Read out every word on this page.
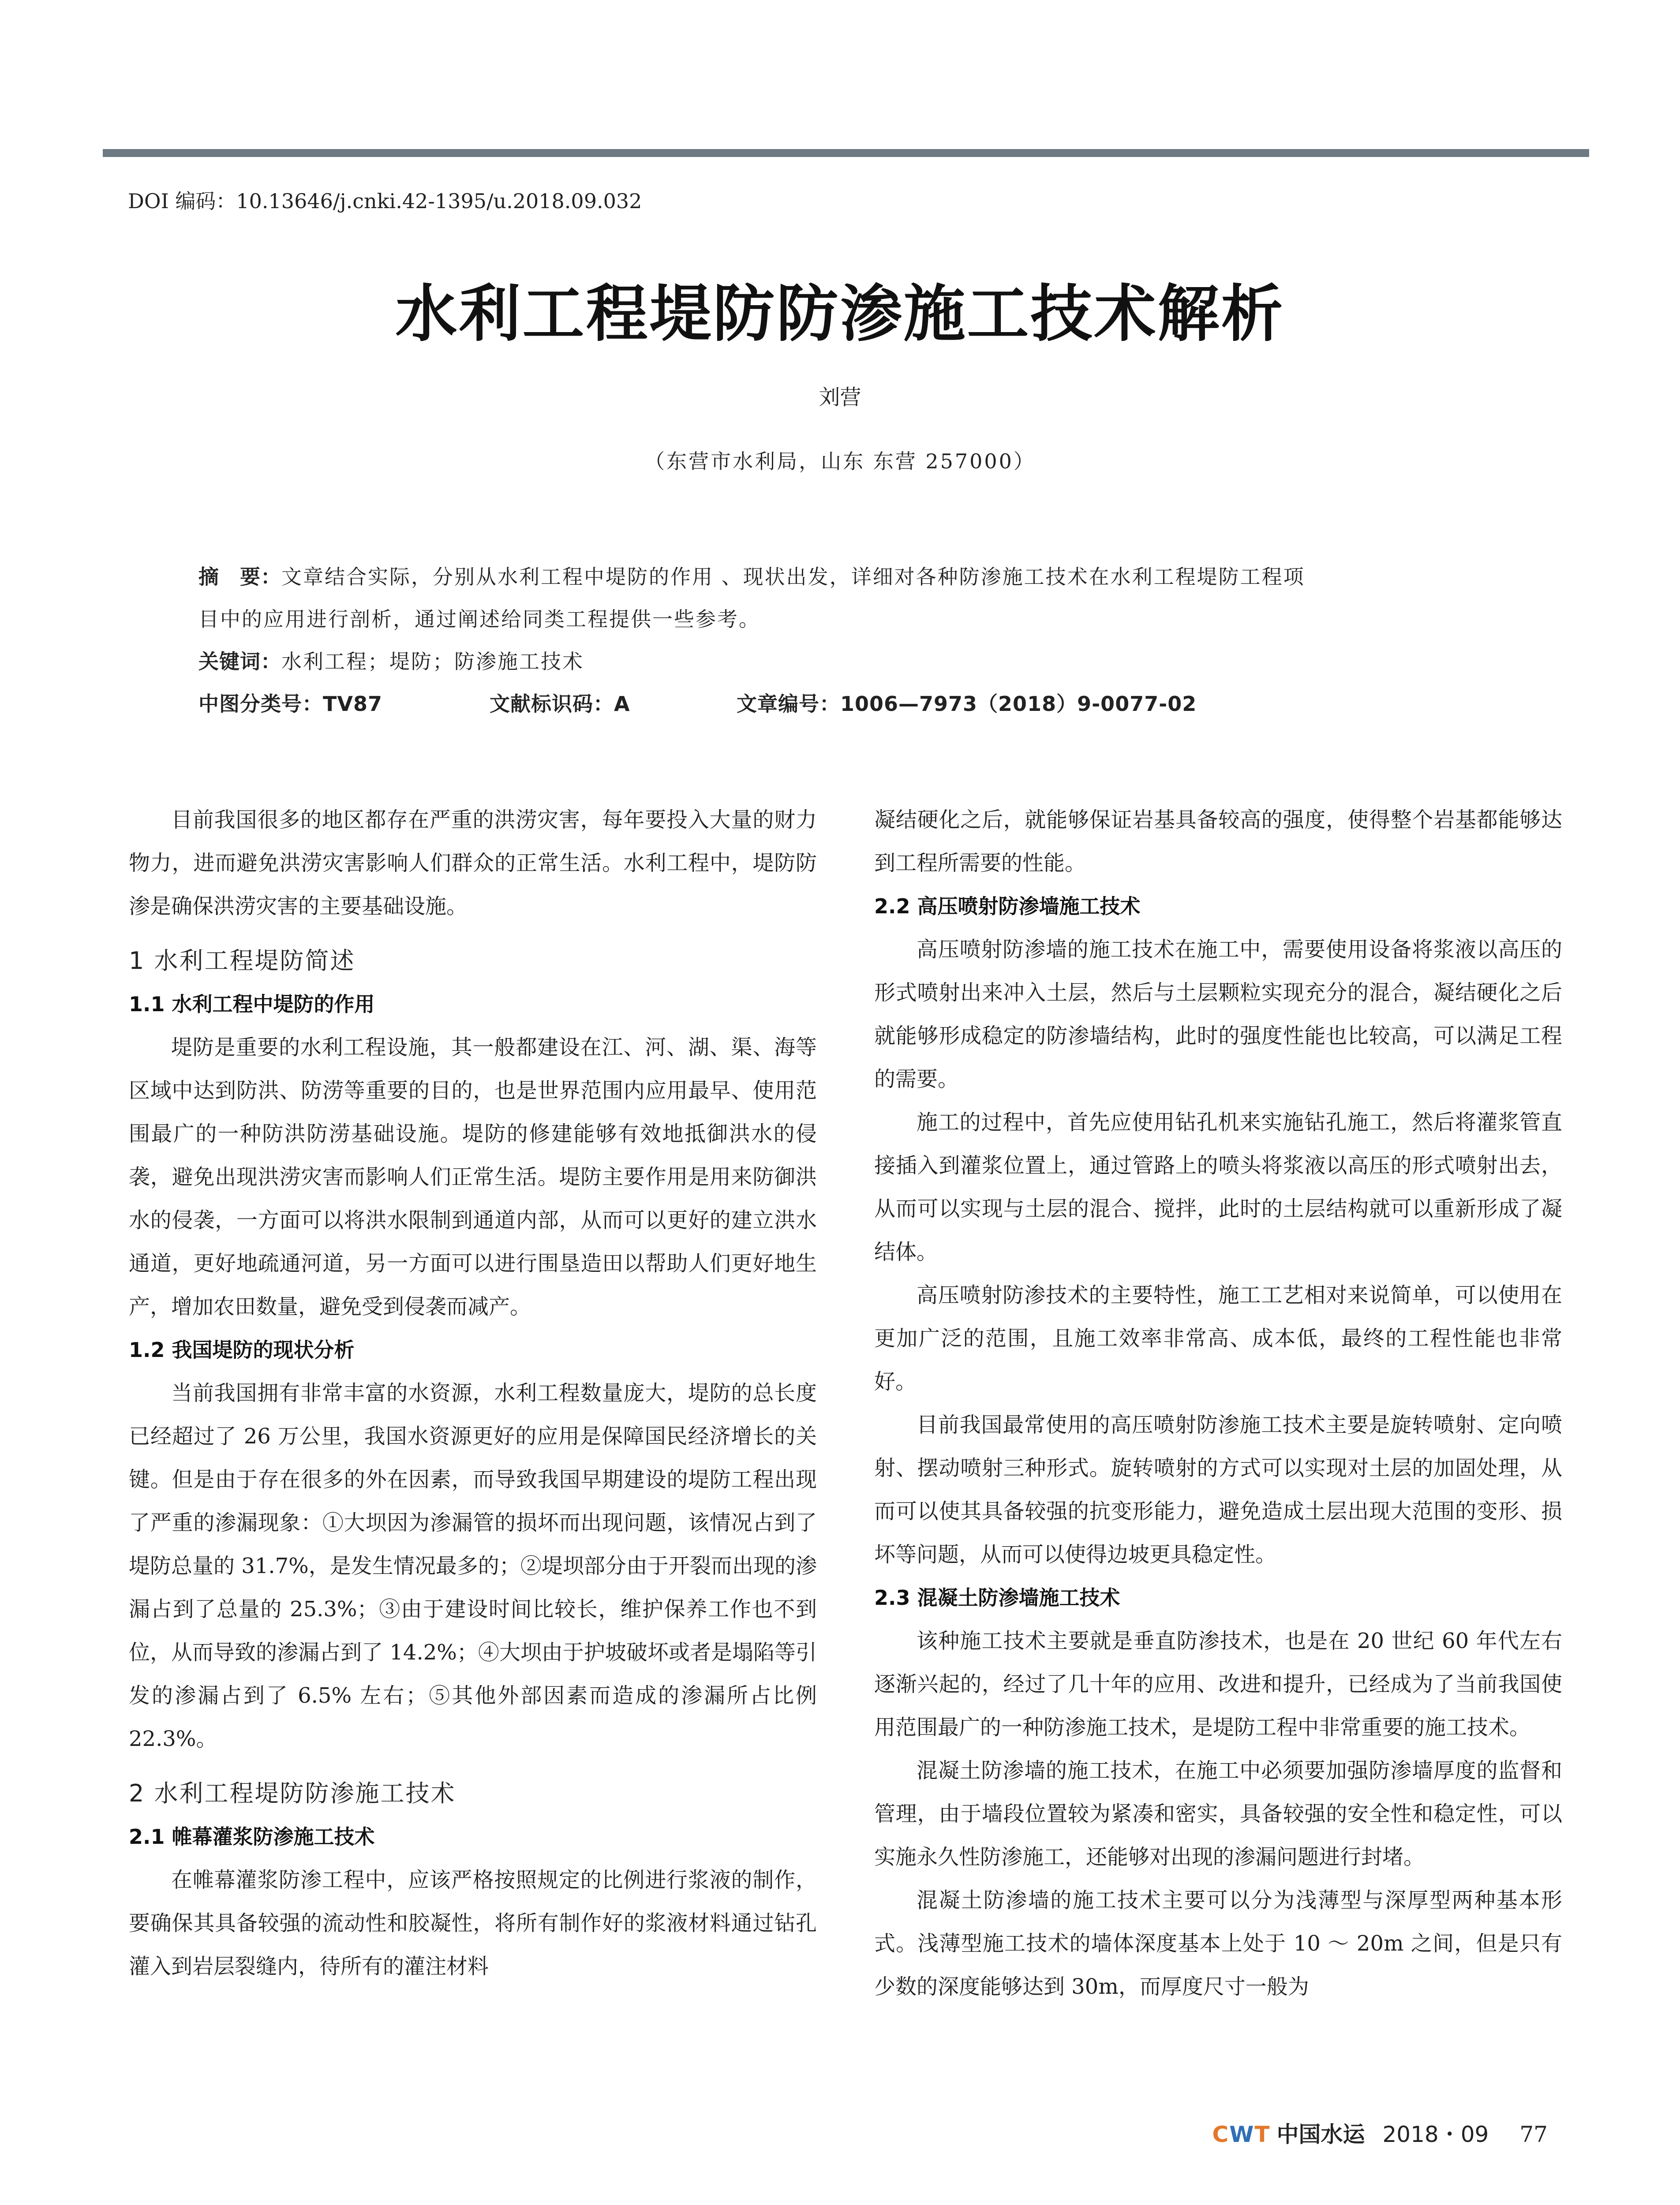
DOI 编码：10.13646/j.cnki.42-1395/u.2018.09.032
水利工程堤防防渗施工技术解析
刘营
（东营市水利局，山东 东营 257000）

摘　要：文章结合实际，分别从水利工程中堤防的作用 、现状出发，详细对各种防渗施工技术在水利工程堤防工程项

目中的应用进行剖析，通过阐述给同类工程提供一些参考。

关键词：水利工程；堤防；防渗施工技术

中图分类号：TV87	文献标识码：A	文章编号：1006—7973（2018）9-0077-02

目前我国很多的地区都存在严重的洪涝灾害，每年要投入大量的财力物力，进而避免洪涝灾害影响人们群众的正常生活。水利工程中，堤防防渗是确保洪涝灾害的主要基础设施。

1 水利工程堤防简述
1.1 水利工程中堤防的作用

堤防是重要的水利工程设施，其一般都建设在江、河、湖、渠、海等区域中达到防洪、防涝等重要的目的，也是世界范围内应用最早、使用范围最广的一种防洪防涝基础设施。堤防的修建能够有效地抵御洪水的侵袭，避免出现洪涝灾害而影响人们正常生活。堤防主要作用是用来防御洪水的侵袭，一方面可以将洪水限制到通道内部，从而可以更好的建立洪水通道，更好地疏通河道，另一方面可以进行围垦造田以帮助人们更好地生产，增加农田数量，避免受到侵袭而减产。

1.2 我国堤防的现状分析

当前我国拥有非常丰富的水资源，水利工程数量庞大，堤防的总长度已经超过了 26 万公里，我国水资源更好的应用是保障国民经济增长的关键。但是由于存在很多的外在因素，而导致我国早期建设的堤防工程出现了严重的渗漏现象：①大坝因为渗漏管的损坏而出现问题，该情况占到了堤防总量的 31.7%，是发生情况最多的；②堤坝部分由于开裂而出现的渗漏占到了总量的 25.3%；③由于建设时间比较长，维护保养工作也不到位，从而导致的渗漏占到了 14.2%；④大坝由于护坡破坏或者是塌陷等引发的渗漏占到了 6.5% 左右；⑤其他外部因素而造成的渗漏所占比例 22.3%。

2 水利工程堤防防渗施工技术
2.1 帷幕灌浆防渗施工技术

在帷幕灌浆防渗工程中，应该严格按照规定的比例进行浆液的制作，要确保其具备较强的流动性和胶凝性，将所有制作好的浆液材料通过钻孔灌入到岩层裂缝内，待所有的灌注材料

凝结硬化之后，就能够保证岩基具备较高的强度，使得整个岩基都能够达到工程所需要的性能。

2.2 高压喷射防渗墙施工技术

高压喷射防渗墙的施工技术在施工中，需要使用设备将浆液以高压的形式喷射出来冲入土层，然后与土层颗粒实现充分的混合，凝结硬化之后就能够形成稳定的防渗墙结构，此时的强度性能也比较高，可以满足工程的需要。

施工的过程中，首先应使用钻孔机来实施钻孔施工，然后将灌浆管直接插入到灌浆位置上，通过管路上的喷头将浆液以高压的形式喷射出去，从而可以实现与土层的混合、搅拌，此时的土层结构就可以重新形成了凝结体。

高压喷射防渗技术的主要特性，施工工艺相对来说简单，可以使用在更加广泛的范围，且施工效率非常高、成本低，最终的工程性能也非常好。

目前我国最常使用的高压喷射防渗施工技术主要是旋转喷射、定向喷射、摆动喷射三种形式。旋转喷射的方式可以实现对土层的加固处理，从而可以使其具备较强的抗变形能力，避免造成土层出现大范围的变形、损坏等问题，从而可以使得边坡更具稳定性。

2.3 混凝土防渗墙施工技术

该种施工技术主要就是垂直防渗技术，也是在 20 世纪 60 年代左右逐渐兴起的，经过了几十年的应用、改进和提升，已经成为了当前我国使用范围最广的一种防渗施工技术，是堤防工程中非常重要的施工技术。

混凝土防渗墙的施工技术，在施工中必须要加强防渗墙厚度的监督和管理，由于墙段位置较为紧凑和密实，具备较强的安全性和稳定性，可以实施永久性防渗施工，还能够对出现的渗漏问题进行封堵。

混凝土防渗墙的施工技术主要可以分为浅薄型与深厚型两种基本形式。浅薄型施工技术的墙体深度基本上处于 10 ～ 20m 之间，但是只有少数的深度能够达到 30m，而厚度尺寸一般为

CWT 中国水运 2018・09 77
